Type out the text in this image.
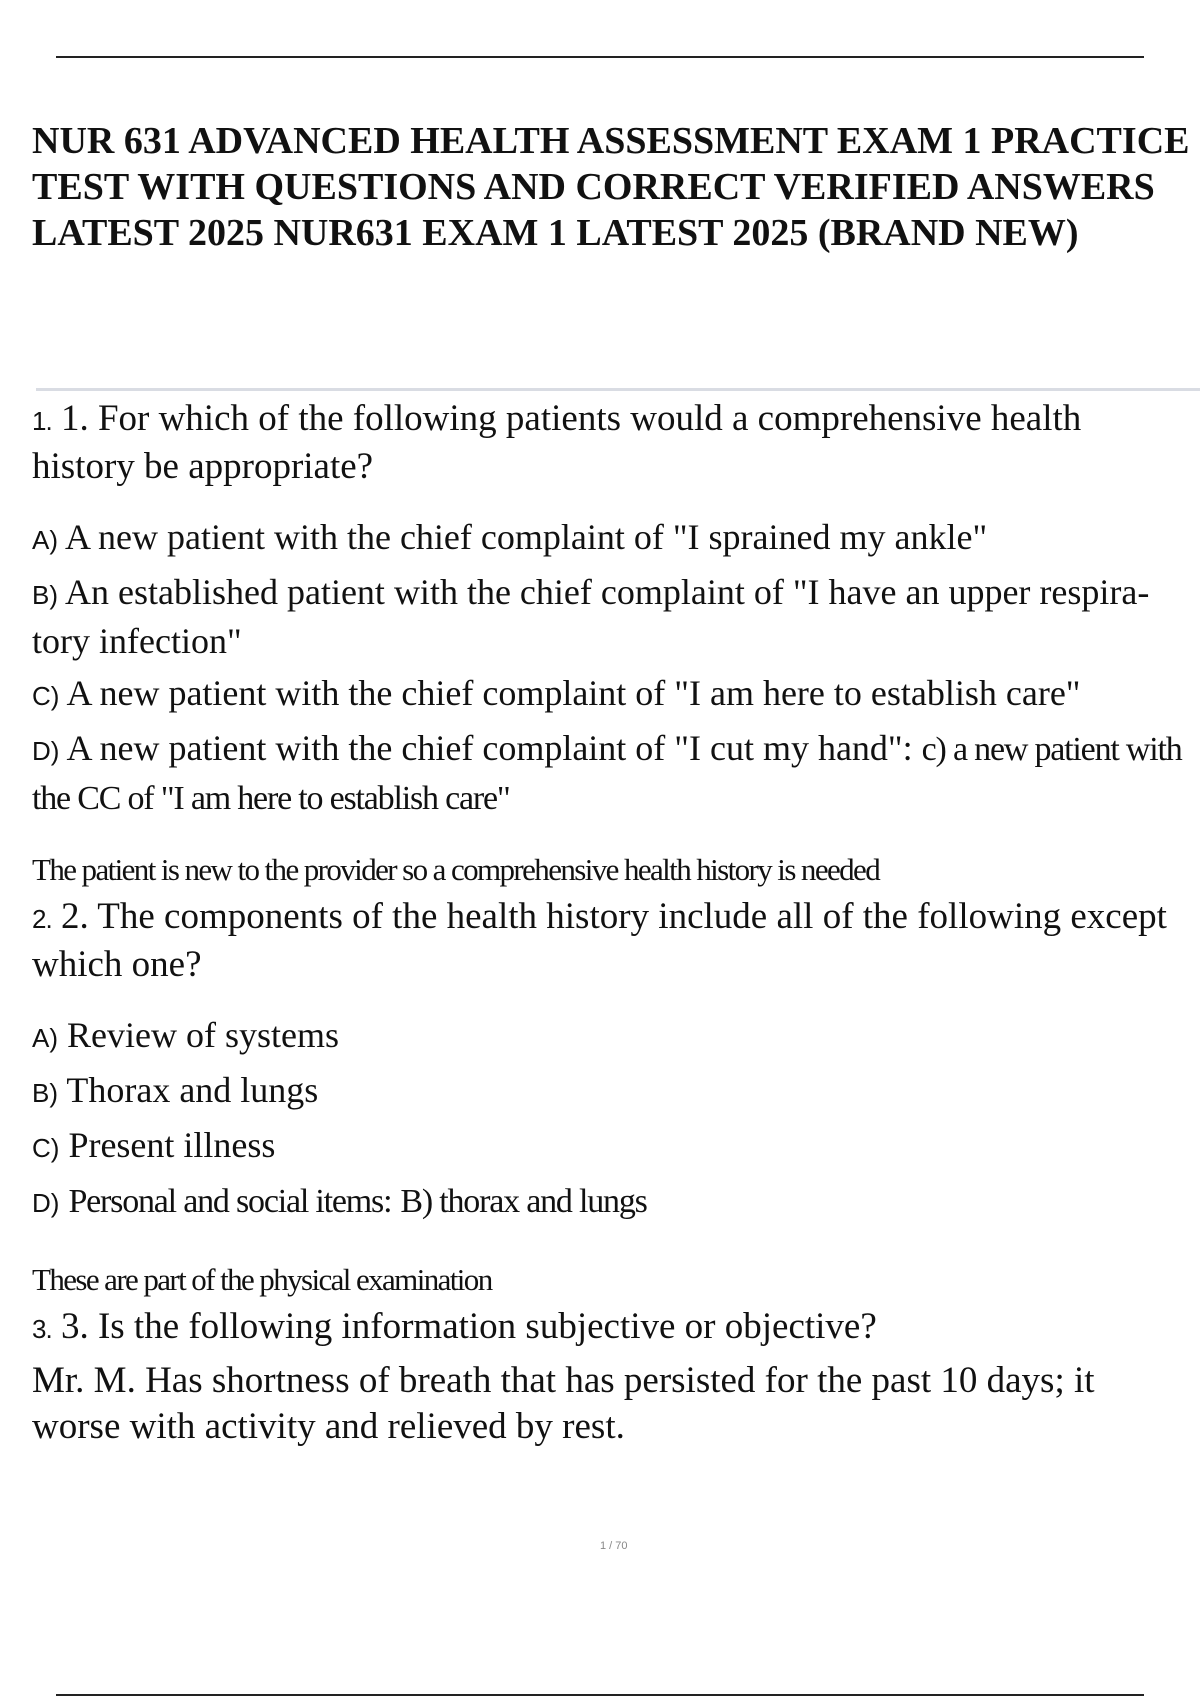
NUR 631 ADVANCED HEALTH ASSESSMENT EXAM 1 PRACTICE TEST WITH QUESTIONS AND CORRECT VERIFIED ANSWERS LATEST 2025 NUR631 EXAM 1 LATEST 2025 (BRAND NEW)

1. 1. For which of the following patients would a comprehensive health history be appropriate?

A) A new patient with the chief complaint of "I sprained my ankle"
B) An established patient with the chief complaint of "I have an upper respira- tory infection"
C) A new patient with the chief complaint of "I am here to establish care"
D) A new patient with the chief complaint of "I cut my hand": c) a new patient with the CC of "I am here to establish care"

The patient is new to the provider so a comprehensive health history is needed

2. 2. The components of the health history include all of the following except which one?

A) Review of systems
B) Thorax and lungs
C) Present illness
D) Personal and social items: B) thorax and lungs

These are part of the physical examination

3. 3. Is the following information subjective or objective?

Mr. M. Has shortness of breath that has persisted for the past 10 days; it worse with activity and relieved by rest.

1 / 70
